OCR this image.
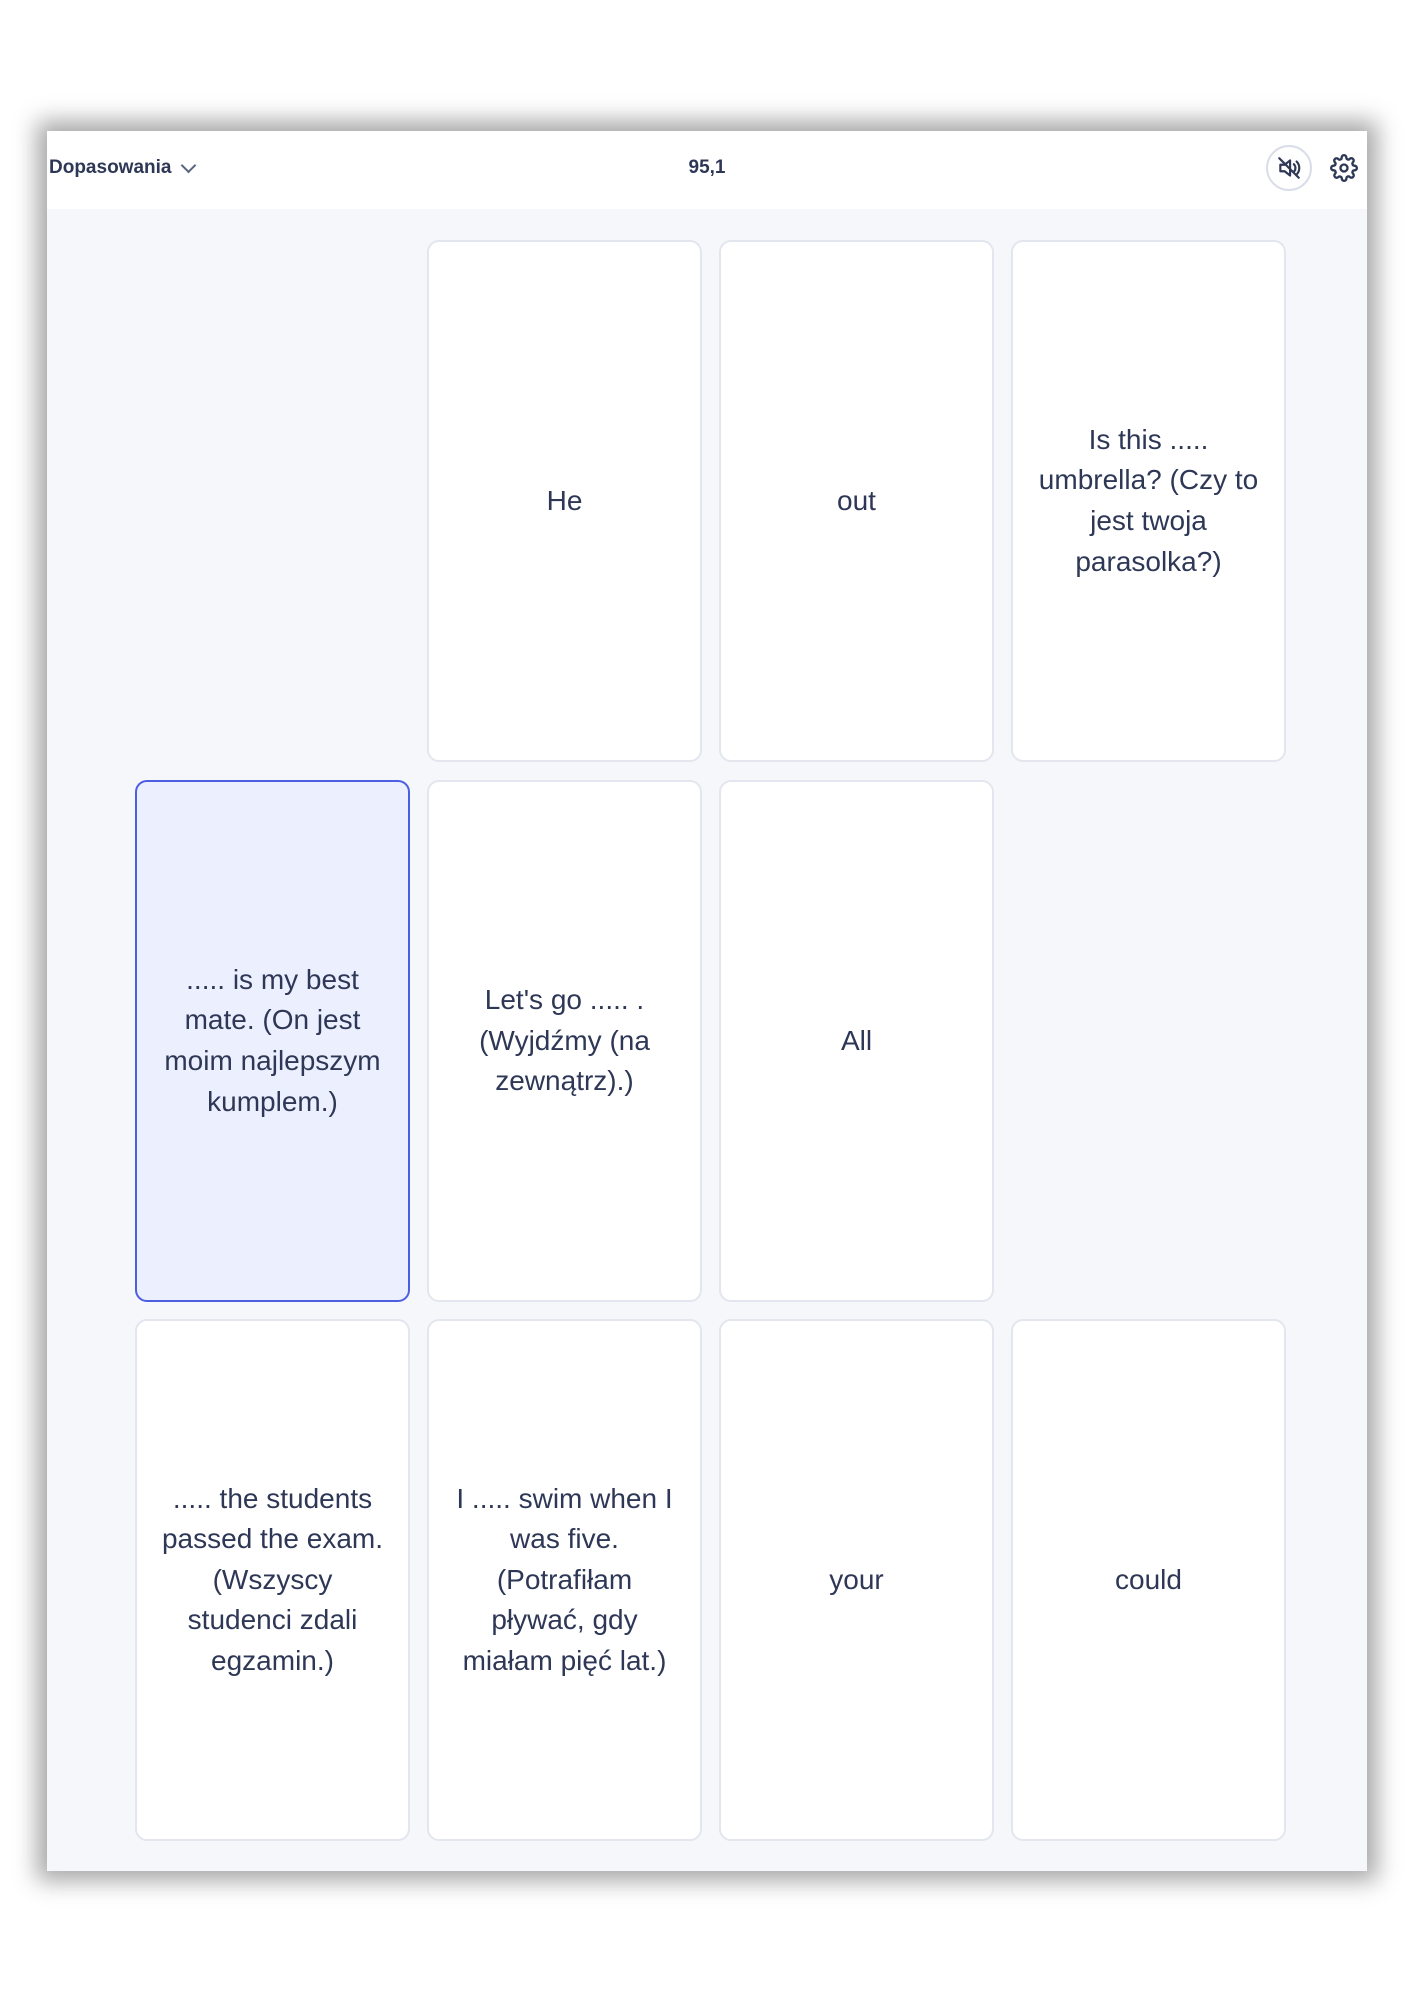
Dopasowania	95,1
He	out
Is this ..... umbrella? (Czy to jest twoja parasolka?)
..... is my best mate. (On jest moim najlepszym kumplem.)
Let's go ..... . (Wyjdźmy (na zewnątrz).)
All
..... the students passed the exam. (Wszyscy studenci zdali egzamin.)
I ..... swim when I was five. (Potrafiłam pływać, gdy miałam pięć lat.)
your	could
